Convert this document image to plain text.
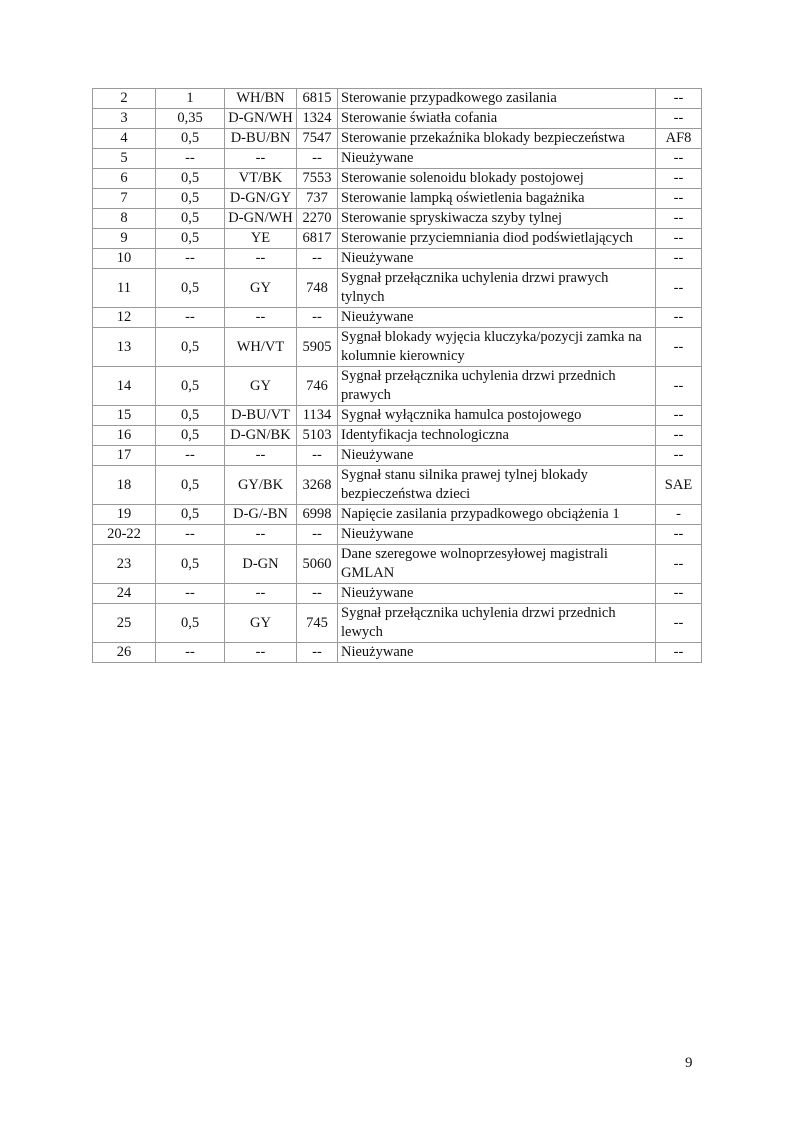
2	1	WH/BN	6815	Sterowanie przypadkowego zasilania	--
3	0,35	D-GN/WH	1324	Sterowanie światła cofania	--
4	0,5	D-BU/BN	7547	Sterowanie przekaźnika blokady bezpieczeństwa	AF8
5	--	--	--	Nieużywane	--
6	0,5	VT/BK	7553	Sterowanie solenoidu blokady postojowej	--
7	0,5	D-GN/GY	737	Sterowanie lampką oświetlenia bagażnika	--
8	0,5	D-GN/WH	2270	Sterowanie spryskiwacza szyby tylnej	--
9	0,5	YE	6817	Sterowanie przyciemniania diod podświetlających	--
10	--	--	--	Nieużywane	--
11	0,5	GY	748	Sygnał przełącznika uchylenia drzwi prawych tylnych	--
12	--	--	--	Nieużywane	--
13	0,5	WH/VT	5905	Sygnał blokady wyjęcia kluczyka/pozycji zamka na kolumnie kierownicy	--
14	0,5	GY	746	Sygnał przełącznika uchylenia drzwi przednich prawych	--
15	0,5	D-BU/VT	1134	Sygnał wyłącznika hamulca postojowego	--
16	0,5	D-GN/BK	5103	Identyfikacja technologiczna	--
17	--	--	--	Nieużywane	--
18	0,5	GY/BK	3268	Sygnał stanu silnika prawej tylnej blokady bezpieczeństwa dzieci	SAE
19	0,5	D-G/-BN	6998	Napięcie zasilania przypadkowego obciążenia 1	-
20-22	--	--	--	Nieużywane	--
23	0,5	D-GN	5060	Dane szeregowe wolnoprzesyłowej magistrali GMLAN	--
24	--	--	--	Nieużywane	--
25	0,5	GY	745	Sygnał przełącznika uchylenia drzwi przednich lewych	--
26	--	--	--	Nieużywane	--
9
